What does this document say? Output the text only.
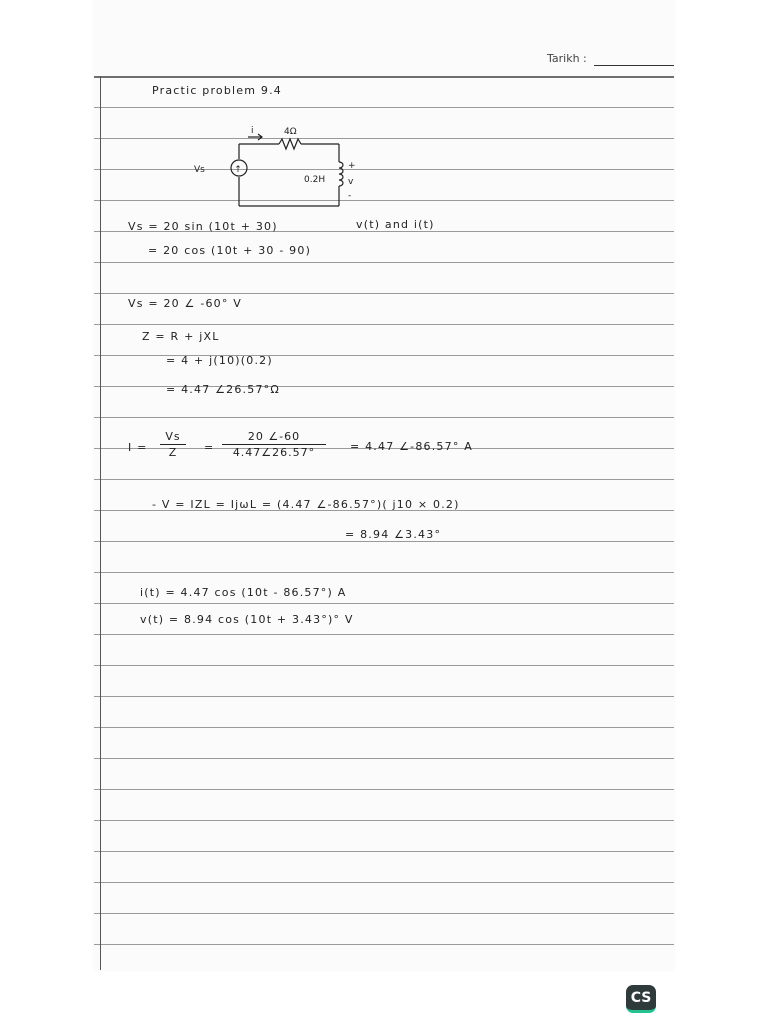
Tarikh :
Practic problem 9.4
↑
i	4Ω
Vs
0.2H
+
v
-
Vs = 20 sin (10t + 30)	v(t) and i(t)
= 20 cos (10t + 30 - 90)
Vs = 20 ∠ -60° V
Z = R + jXL
= 4 + j(10)(0.2)
= 4.47 ∠26.57°Ω
I =
Vs
Z	=
20 ∠-60
4.47∠26.57°	= 4.47 ∠-86.57° A
- V = IZL = IjωL = (4.47 ∠-86.57°)( j10 × 0.2)
= 8.94 ∠3.43°
i(t) = 4.47 cos (10t - 86.57°) A
v(t) = 8.94 cos (10t + 3.43°)° V
CS
